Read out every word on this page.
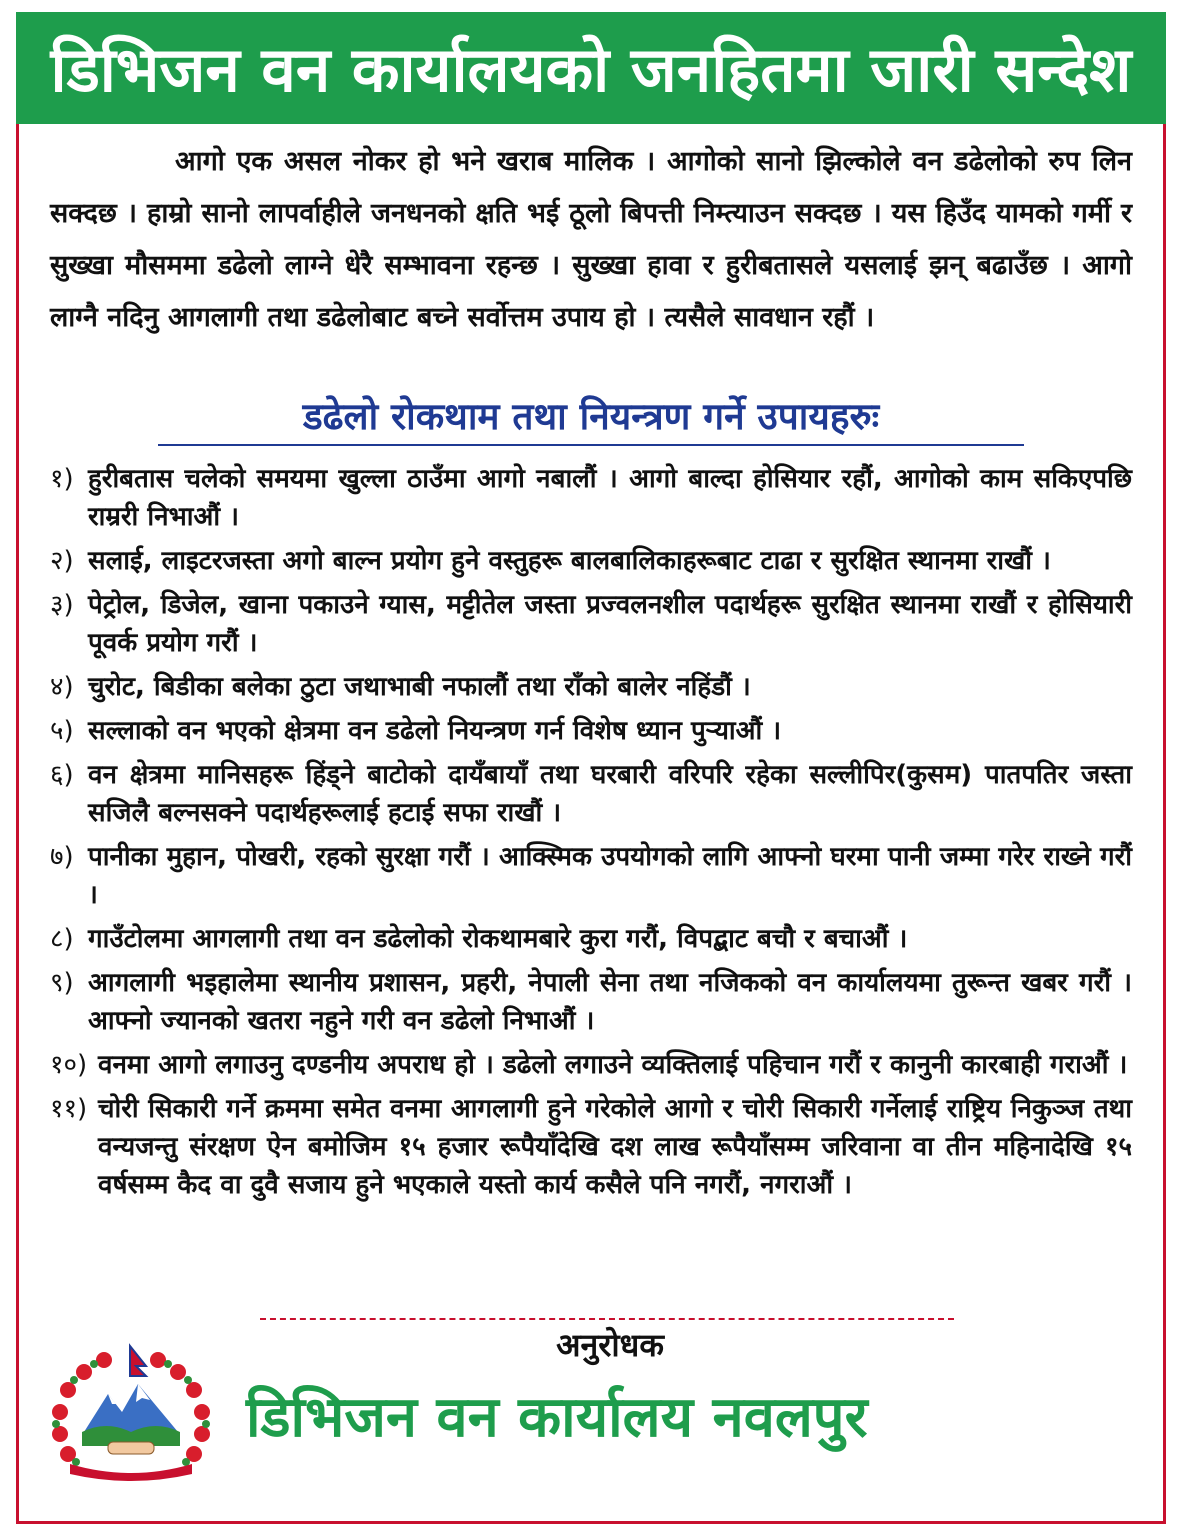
डिभिजन वन कार्यालयको जनहितमा जारी सन्देश

आगो एक असल नोकर हो भने खराब मालिक । आगोको सानो झिल्कोले वन डढेलोको रुप लिन सक्दछ । हाम्रो सानो लापर्वाहीले जनधनको क्षति भई ठूलो बिपत्ती निम्त्याउन सक्दछ । यस हिउँद यामको गर्मी र सुख्खा मौसममा डढेलो लाग्ने धेरै सम्भावना रहन्छ । सुख्खा हावा र हुरीबतासले यसलाई झन् बढाउँछ । आगो लाग्नै नदिनु आगलागी तथा डढेलोबाट बच्ने सर्वोत्तम उपाय हो । त्यसैले सावधान रहौं ।

डढेलो रोकथाम तथा नियन्त्रण गर्ने उपायहरुः
१) हुरीबतास चलेको समयमा खुल्ला ठाउँमा आगो नबालौं । आगो बाल्दा होसियार रहौं, आगोको काम सकिएपछि राम्ररी निभाऔं ।
२) सलाई, लाइटरजस्ता अगो बाल्न प्रयोग हुने वस्तुहरू बालबालिकाहरूबाट टाढा र सुरक्षित स्थानमा राखौं ।
३) पेट्रोल, डिजेल, खाना पकाउने ग्यास, मट्टीतेल जस्ता प्रज्वलनशील पदार्थहरू सुरक्षित स्थानमा राखौं र होसियारी पूवर्क प्रयोग गरौं ।
४) चुरोट, बिडीका बलेका ठुटा जथाभाबी नफालौं तथा राँको बालेर नहिंडौं ।
५) सल्लाको वन भएको क्षेत्रमा वन डढेलो नियन्त्रण गर्न विशेष ध्यान पुऱ्याऔं ।
६) वन क्षेत्रमा मानिसहरू हिंड्ने बाटोको दायँबायाँ तथा घरबारी वरिपरि रहेका सल्लीपिर(कुसम) पातपतिर जस्ता सजिलै बल्नसक्ने पदार्थहरूलाई हटाई सफा राखौं ।
७) पानीका मुहान, पोखरी, रहको सुरक्षा गरौं । आक्स्मिक उपयोगको लागि आफ्नो घरमा पानी जम्मा गरेर राख्ने गरौं ।
८) गाउँटोलमा आगलागी तथा वन डढेलोको रोकथामबारे कुरा गरौं, विपद्बाट बचौ र बचाऔं ।
९) आगलागी भइहालेमा स्थानीय प्रशासन, प्रहरी, नेपाली सेना तथा नजिकको वन कार्यालयमा तुरून्त खबर गरौं । आफ्नो ज्यानको खतरा नहुने गरी वन डढेलो निभाऔं ।
१०) वनमा आगो लगाउनु दण्डनीय अपराध हो । डढेलो लगाउने व्यक्तिलाई पहिचान गरौं र कानुनी कारबाही गराऔं ।
११) चोरी सिकारी गर्ने क्रममा समेत वनमा आगलागी हुने गरेकोले आगो र चोरी सिकारी गर्नेलाई राष्ट्रिय निकुञ्ज तथा वन्यजन्तु संरक्षण ऐन बमोजिम १५ हजार रूपैयाँदेखि दश लाख रूपैयाँसम्म जरिवाना वा तीन महिनादेखि १५ वर्षसम्म कैद वा दुवै सजाय हुने भएकाले यस्तो कार्य कसैले पनि नगरौं, नगराऔं ।
अनुरोधक
डिभिजन वन कार्यालय नवलपुर
